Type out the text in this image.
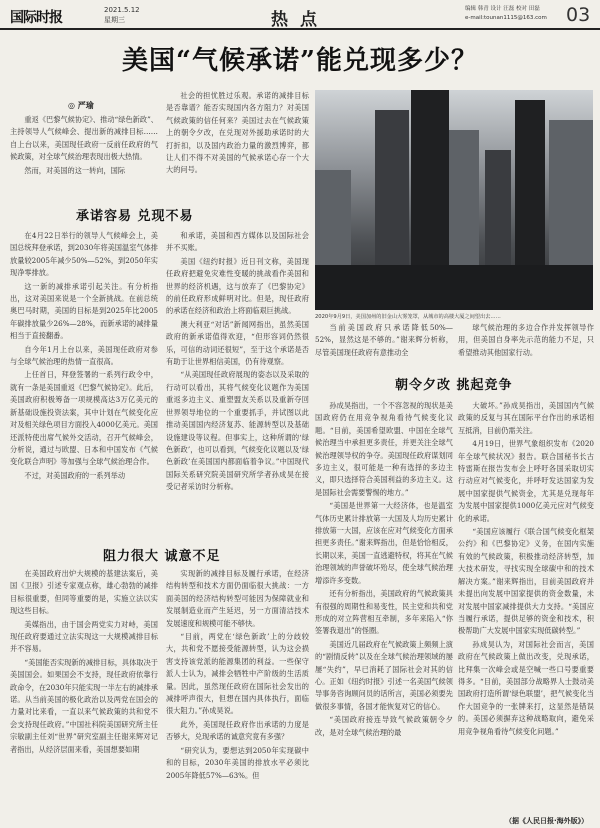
国际时报	2021.5.12
星期三	热点
编辑 韩青 设计 汪磊 校对 田磊
e-mail:tounan1115@163.com	03
美国“气候承诺”能兑现多少？
◎ 严瑜

重返《巴黎气候协定》、推动“绿色新政”、主持领导人气候峰会、提出新的减排目标……自上台以来，美国现任政府一反前任政府的气候政策，对全球气候治理表现出极大热情。

然而，对美国的这一转向，国际

承诺容易 兑现不易

在4月22日举行的领导人气候峰会上，美国总统拜登承诺，到2030年将美国温室气体排放量较2005年减少50%—52%，到2050年实现净零排放。

这一新的减排承诺引起关注。有分析指出，这对美国来说是一个全新挑战。在前总统奥巴马时期，美国的目标是到2025年比2005年碳排放量少26%—28%，而新承诺的减排量相当于直接翻番。

自今年1月上台以来，美国现任政府对参与全球气候治理的热情一直很高。

上任首日，拜登签署的一系列行政令中，就有一条是美国重返《巴黎气候协定》。此后，美国政府积极筹备一项规模高达3万亿美元的新基础设施投资法案，其中计划在气候变化应对及相关绿色项目方面投入4000亿美元。美国还派特使出席气候外交活动，召开气候峰会，分析说，通过与欧盟、日本和中国发布《气候变化联合声明》等加强与全球气候治理合作。

不过，对美国政府的一系列举动

阻力很大 诚意不足

在美国政府出炉大规模的基建法案后，美国《卫报》引述专家观点称，雄心勃勃的减排目标很重要，但同等重要的是，实施立法以实现这些目标。

美媒指出，由于国会两党实力对峙，美国现任政府要通过立法实现这一大规模减排目标并不容易。

“美国能否实现新的减排目标，具体取决于美国国会。如果国会不支持，现任政府依靠行政命令，在2030年只能实现一半左右的减排承诺。从当前美国的极化政治以及两党在国会的力量对比来看，一直以来气候政策的共和党不会支持现任政府。”中国社科院美国研究所主任宗敏副主任刘“世界”研究室副主任谢来辉对记者指出，从经济层面来看，美国想要如期

社会的担忧胜过乐观。承诺的减排目标是否靠谱？能否实现国内各方阻力？对美国气候政策的信任何来？美国过去在气候政策上的朝令夕改，在兑现对外援助承诺时的大打折扣，以及国内政治力量的激烈博弈，都让人们不得不对美国的气候承诺心存一个大大的问号。

和承诺，美国和西方媒体以及国际社会并不买账。

美国《纽约时报》近日刊文称，美国现任政府把避免灾难性变暖的挑战看作美国和世界的经济机遇，这与放弃了《巴黎协定》的前任政府形成鲜明对比。但是，现任政府的承诺在经济和政治上将面临艰巨挑战。

澳大利亚“对话”新闻网指出，虽然美国政府的新承诺值得欢迎，“但形容词仍然很乐，可信的动词还很短”，至于这个承诺是否有助于让世界相信美国，仍有待观察。

“从美国现任政府展现的姿态以及采取的行动可以看出，其将气候变化议题作为美国重返多边主义、重塑盟友关系以及重新夺回世界领导地位的一个重要抓手，并试图以此推动美国国内经济复苏、能源转型以及基础设施建设等议程。但事实上，这种所谓的‘绿色新政’，也可以看到，气候变化议题以及‘绿色新政’在美国国内都面临着争议。”中国现代国际关系研究院美国研究所学者孙成昊在接受记者采访时分析称。

实现新的减排目标及履行承诺，在经济结构转型和技术方面仍面临很大挑战：一方面美国的经济结构转型可能因为保障就业和发展制造业而产生延迟，另一方面清洁技术发展速度和规模可能不够快。

“目前，两党在‘绿色新政’上的分歧较大，共和党不愿接受能源转型，认为这会损害支持该党派的能源集团的利益。一些保守派人士认为，减排会牺牲中产阶级的生活质量。因此，虽然现任政府在国际社会发出的减排呼声很大，但想在国内具体执行，面临很大阻力。”孙成昊说。

此外，美国现任政府作出承诺的力度是否够大，兑现承诺的诚意究竟有多强？

“研究认为，要想达到2050年实现碳中和的目标，2030年美国的排放水平必须比2005年降低57%—63%。但

2020年9月9日，美国加州的旧金山大雾笼罩，从城市的高楼大厦之间望出去……

当前美国政府只承诺降低50%—52%，显然这是不够的。”谢来辉分析称，尽管美国现任政府有意推动全

朝令夕改 挑起竞争

孙成昊指出，一个不容忽视的现状是美国政府仍在用竞争视角看待气候变化议题。“目前，美国希望欧盟、中国在全球气候治理当中承担更多责任，并更关注全球气候治理领导权的争夺。美国现任政府谋划同多边主义，很可能是一种有选择的多边主义，即只选择符合美国利益的多边主义。这是国际社会需要警惕的地方。”

“美国是世界第一大经济体，也是温室气体历史累计排放第一大国及人均历史累计排放第一大国，应该在应对气候变化方面承担更多责任。”谢来辉指出，但是恰恰相反，长期以来，美国一直逃避特权，将其在气候治理领域的声誉破坏殆尽，使全球气候治理增添许多变数。

还有分析指出，美国政府的气候政策具有很强的周期性和易变性，民主党和共和党形成的对立阵营相互牵制，多年来陷入“你签署我退出”的怪圈。

美国近几届政府在气候政策上频频上演的“剧情反转”以及在全球气候治理领域的屡屡“失约”，早已消耗了国际社会对其的信心。正如《纽约时报》引述一名美国气候领导事务咨询顾问员的话所言，美国必须要先做很多事情，各国才能恢复对它的信心。

“美国政府接连导致气候政策朝令夕改，是对全球气候治理的最

球气候治理的多边合作并发挥领导作用，但美国自身率先示范的能力不足，只希望推动其他国家行动。

大破坏。”孙成昊指出，美国国内气候政策的反复与其在国际平台作出的承诺相互抵消，目前仍需关注。

4月19日，世界气象组织发布《2020年全球气候状况》报告。联合国秘书长古特雷斯在报告发布会上呼吁各国采取切实行动应对气候变化，并呼吁发达国家为发展中国家提供气候资金，尤其是兑现每年为发展中国家提供1000亿美元应对气候变化的承诺。

“美国应该履行《联合国气候变化框架公约》和《巴黎协定》义务，在国内实施有效的气候政策，积极推动经济转型，加大技术研发，寻找实现全球碳中和的技术解决方案。”谢来辉指出，目前美国政府并未提出向发展中国家提供的资金数量，未对发展中国家减排提供大力支持。“美国应当履行承诺，提供足够的资金和技术，积极帮助广大发展中国家实现低碳转型。”

孙成昊认为，对国际社会而言，美国政府在气候政策上做出改变，兑现承诺，比拜集一次峰会或是空喊一些口号要重要得多。“目前，美国部分战略界人士鼓动美国政府打造所谓‘绿色联盟’，把气候变化当作大国竞争的一张牌来打，这显然是错误的。美国必须摒弃这种战略取向，避免采用竞争视角看待气候变化问题。”

（据《人民日报·海外版》）
